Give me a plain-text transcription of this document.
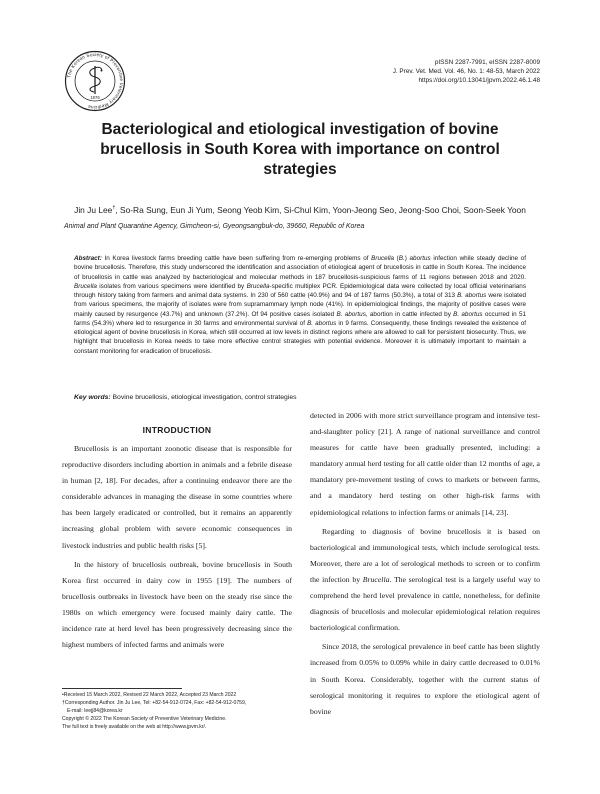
The Korean Society of Preventive Veterinary Medicine
1976
pISSN 2287-7991, eISSN 2287-8009
J. Prev. Vet. Med. Vol. 46, No. 1: 48-53, March 2022
https://doi.org/10.13041/jpvm.2022.46.1.48
Bacteriological and etiological investigation of bovine
brucellosis in South Korea with importance on control
strategies
Jin Ju Lee†, So-Ra Sung, Eun Ji Yum, Seong Yeob Kim, Si-Chul Kim, Yoon-Jeong Seo, Jeong-Soo Choi, Soon-Seek Yoon
Animal and Plant Quarantine Agency, Gimcheon-si, Gyeongsangbuk-do, 39660, Republic of Korea
Abstract: In Korea livestock farms breeding cattle have been suffering from re-emerging problems of Brucella (B.) abortus infection while steady decline of bovine brucellosis. Therefore, this study underscored the identification and association of etiological agent of brucellosis in cattle in South Korea. The incidence of brucellosis in cattle was analyzed by bacteriological and molecular methods in 187 brucellosis-suspicious farms of 11 regions between 2018 and 2020. Brucella isolates from various specimens were identified by Brucella-specific multiplex PCR. Epidemiological data were collected by local official veterinarians through history taking from farmers and animal data systems. In 230 of 560 cattle (40.9%) and 94 of 187 farms (50.3%), a total of 313 B. abortus were isolated from various specimens, the majority of isolates were from supramammary lymph node (41%). In epidemiological findings, the majority of positive cases were mainly caused by resurgence (43.7%) and unknown (37.2%). Of 94 positive cases isolated B. abortus, abortion in cattle infected by B. abortus occurred in 51 farms (54.3%) where led to resurgence in 30 farms and environmental survival of B. abortus in 9 farms. Consequently, these findings revealed the existence of etiological agent of bovine brucellosis in Korea, which still occurred at low levels in distinct regions where are allowed to call for persistent biosecurity. Thus, we highlight that brucellosis in Korea needs to take more effective control strategies with potential evidence. Moreover it is ultimately important to maintain a constant monitoring for eradication of brucellosis.
Key words: Bovine brucellosis, etiological investigation, control strategies
INTRODUCTION

Brucellosis is an important zoonotic disease that is responsible for reproductive disorders including abortion in animals and a febrile disease in human [2, 18]. For decades, after a continuing endeavor there are the considerable advances in managing the disease in some countries where has been largely eradicated or controlled, but it remains an apparently increasing global problem with severe economic consequences in livestock industries and public health risks [5].

In the history of brucellosis outbreak, bovine brucellosis in South Korea first occurred in dairy cow in 1955 [19]. The numbers of brucellosis outbreaks in livestock have been on the steady rise since the 1980s on which emergency were focused mainly dairy cattle. The incidence rate at herd level has been progressively decreasing since the highest numbers of infected farms and animals were

detected in 2006 with more strict surveillance program and intensive test-and-slaughter policy [21]. A range of national surveillance and control measures for cattle have been gradually presented, including: a mandatory annual herd testing for all cattle older than 12 months of age, a mandatory pre-movement testing of cows to markets or between farms, and a mandatory herd testing on other high-risk farms with epidemiological relations to infection farms or animals [14, 23].

Regarding to diagnosis of bovine brucellosis it is based on bacteriological and immunological tests, which include serological tests. Moreover, there are a lot of serological methods to screen or to confirm the infection by Brucella. The serological test is a largely useful way to comprehend the herd level prevalence in cattle, nonetheless, for definite diagnosis of brucellosis and molecular epidemiological relation requires bacteriological confirmation.

Since 2018, the serological prevalence in beef cattle has been slightly increased from 0.05% to 0.09% while in dairy cattle decreased to 0.01% in South Korea. Considerably, together with the current status of serological monitoring it requires to explore the etiological agent of bovine

•Received 15 March 2022, Revised 22 March 2022, Accepted 23 March 2022
†Corresponding Author. Jin Ju Lee, Tel: +82-54-912-0724, Fax: +82-54-912-0759,
E-mail: leejj84@korea.kr
Copyright © 2022 The Korean Society of Preventive Veterinary Medicine.
The full text is freely available on the web at http://www.jpvm.kr/.
